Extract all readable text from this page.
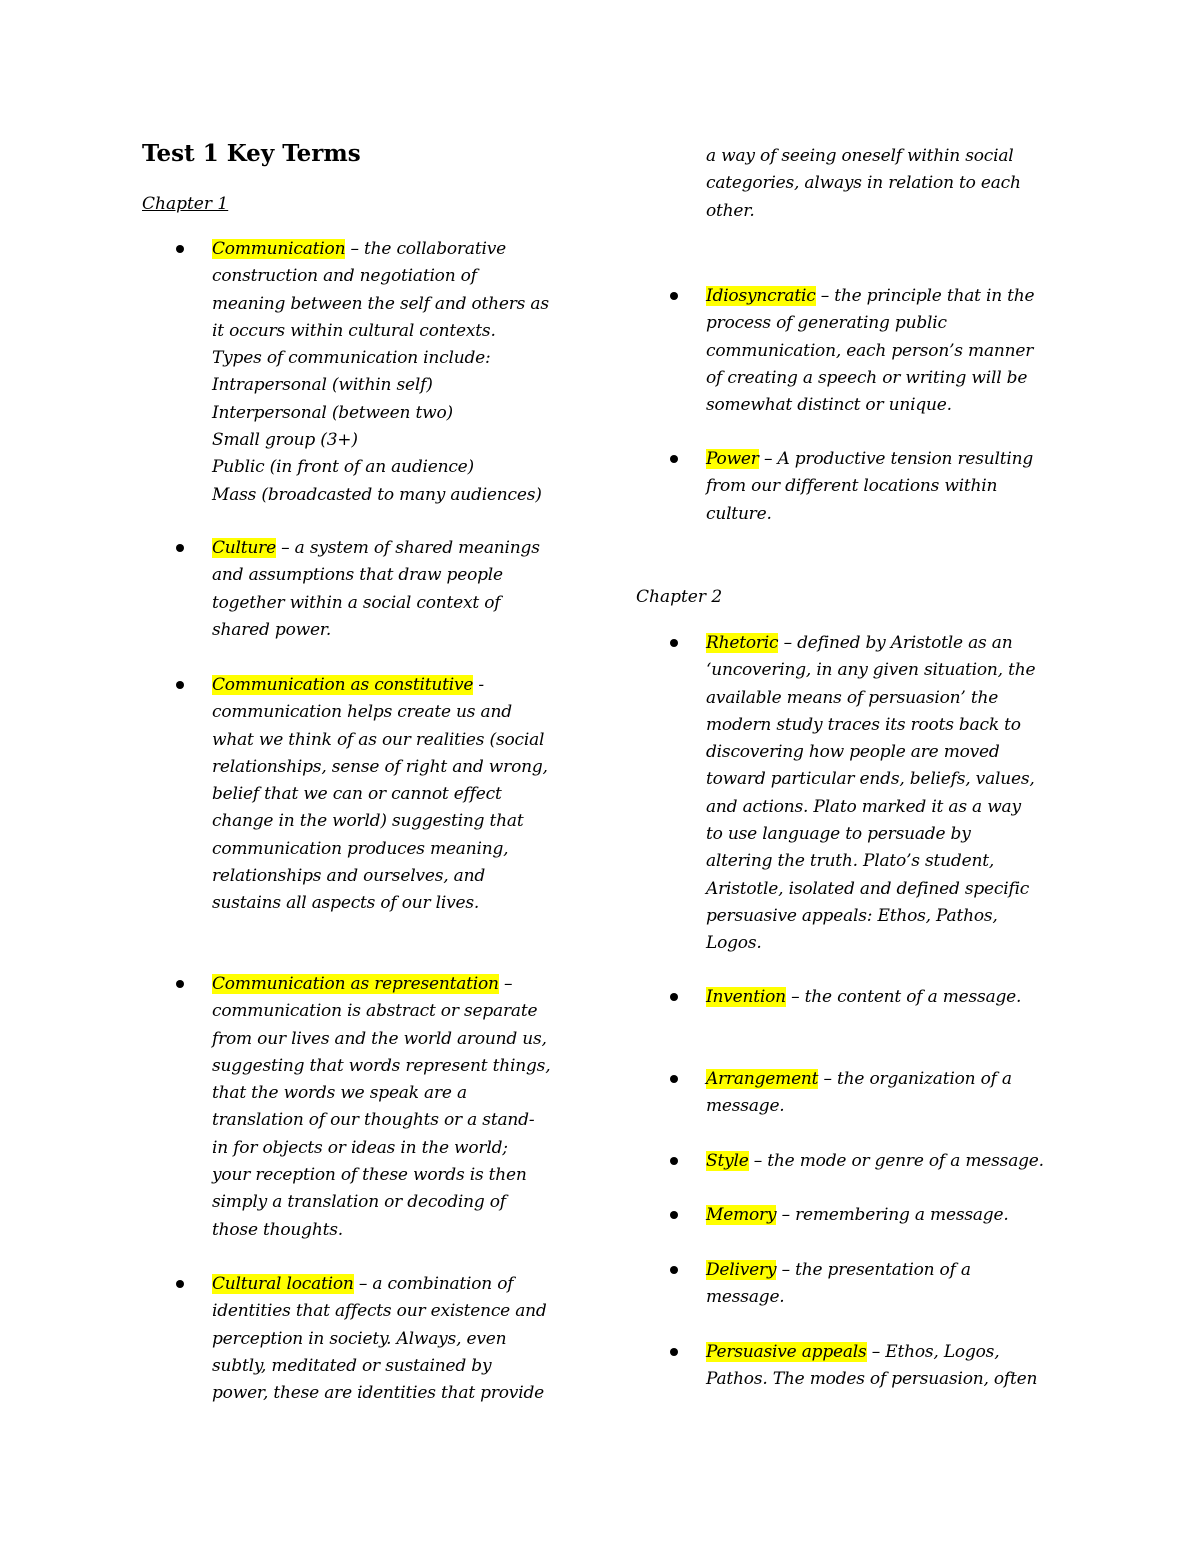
Test 1 Key Terms
Chapter 1
Communication – the collaborative
construction and negotiation of
meaning between the self and others as
it occurs within cultural contexts.
Types of communication include:
Intrapersonal (within self)
Interpersonal (between two)
Small group (3+)
Public (in front of an audience)
Mass (broadcasted to many audiences)
Culture – a system of shared meanings
and assumptions that draw people
together within a social context of
shared power.
Communication as constitutive -
communication helps create us and
what we think of as our realities (social
relationships, sense of right and wrong,
belief that we can or cannot effect
change in the world) suggesting that
communication produces meaning,
relationships and ourselves, and
sustains all aspects of our lives.
Communication as representation –
communication is abstract or separate
from our lives and the world around us,
suggesting that words represent things,
that the words we speak are a
translation of our thoughts or a stand-
in for objects or ideas in the world;
your reception of these words is then
simply a translation or decoding of
those thoughts.
Cultural location – a combination of
identities that affects our existence and
perception in society. Always, even
subtly, meditated or sustained by
power, these are identities that provide
a way of seeing oneself within social
categories, always in relation to each
other.
Idiosyncratic – the principle that in the
process of generating public
communication, each person’s manner
of creating a speech or writing will be
somewhat distinct or unique.
Power – A productive tension resulting
from our different locations within
culture.
Chapter 2
Rhetoric – defined by Aristotle as an
‘uncovering, in any given situation, the
available means of persuasion’ the
modern study traces its roots back to
discovering how people are moved
toward particular ends, beliefs, values,
and actions. Plato marked it as a way
to use language to persuade by
altering the truth. Plato’s student,
Aristotle, isolated and defined specific
persuasive appeals: Ethos, Pathos,
Logos.
Invention – the content of a message.
Arrangement – the organization of a
message.
Style – the mode or genre of a message.
Memory – remembering a message.
Delivery – the presentation of a
message.
Persuasive appeals – Ethos, Logos,
Pathos. The modes of persuasion, often
